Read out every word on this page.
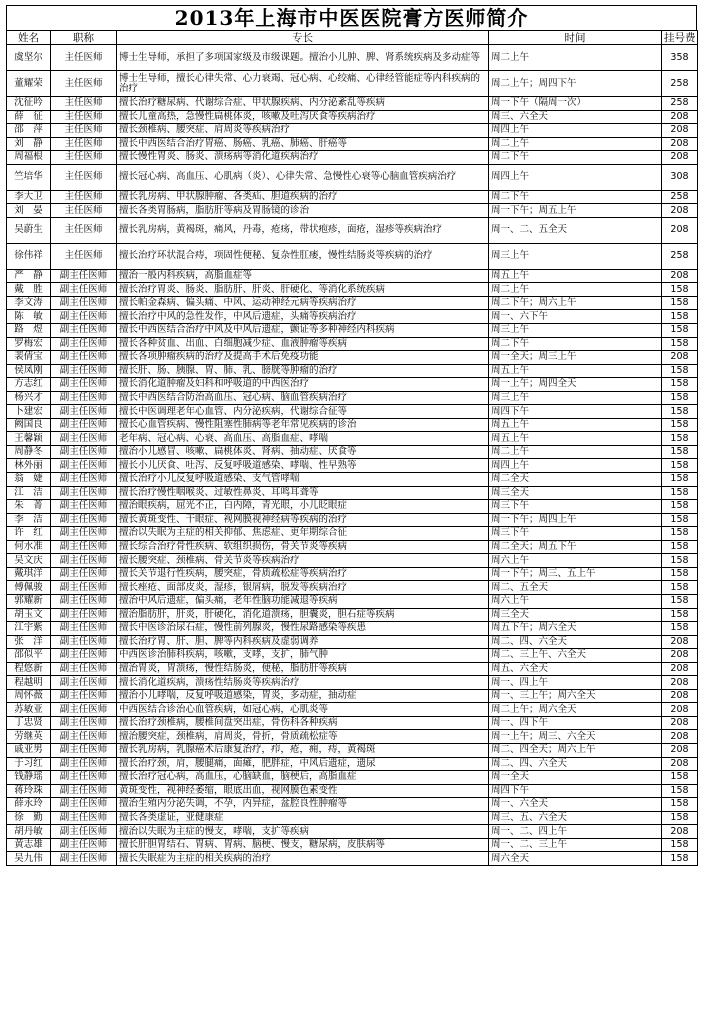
2013年上海市中医医院膏方医师简介
姓名	职称	专长	时间	挂号费
虞坚尔	主任医师	博士生导师，承担了多项国家级及市级课题。擅治小儿肿、脾、肾系统疾病及多动症等	周二上午	358
董耀荣	主任医师	博士生导师，擅长心律失常、心力衰竭、冠心病、心绞痛、心律经管能症等内科疾病的治疗	周二上午；周四下午	258
沈征吟	主任医师	擅长治疗糖尿病、代谢综合症、甲状腺疾病、内分泌紊乱等疾病	周一下午（隔周一次）	258
薛　征	主任医师	擅长儿童高热，急慢性扁桃体炎，咳嗽及吐泻厌食等疾病治疗	周三、六全天	208
邵　萍	主任医师	擅长颈椎病、腰突症、肩周炎等疾病治疗	周四上午	208
刘　静	主任医师	擅长中西医结合治疗胃癌、肠癌、乳癌、肺癌、肝癌等	周二上午	208
周福根	主任医师	擅长慢性胃炎、肠炎、溃疡病等消化道疾病治疗	周二下午	208
竺培华	主任医师	擅长冠心病、高血压、心肌病（炎）、心律失常、急慢性心衰等心脑血管疾病治疗	周四上午	308
李大卫	主任医师	擅长乳房病、甲状腺肿瘤、各类疝、胆道疾病的治疗	周二下午	258
刘　晏	主任医师	擅长各类胃肠病，脂肪肝等病及胃肠镜的诊治	周一下午；周五上午	208
吴蔚生	主任医师	擅长乳房病，黄褐斑，痛风，丹毒，疮疡，带状疱疹，面疮，湿疹等疾病治疗	周一、二、五全天	208
徐伟祥	主任医师	擅长治疗环状混合痔，项固性便秘、复杂性肛瘘，慢性结肠炎等疾病的治疗	周三上午	258
严　静	副主任医师	擅治一般内科疾病，高脂血症等	周五上午	208
戴　胜	副主任医师	擅长治疗胃炎、肠炎、脂肪肝、肝炎、肝硬化、等消化系统疾病	周二上午	158
李文涛	副主任医师	擅长帕金森病、偏头痛、中风、运动神经元病等疾病治疗	周二下午；周六上午	158
陈　敏	副主任医师	擅长治疗中风的急性发作，中风后遗症，头痛等疾病治疗	周一、六下午	158
路　煜	副主任医师	擅长中西医结合治疗中风及中风后遗症，颤证等多种神经内科疾病	周三上午	158
罗梅宏	副主任医师	擅长各种贫血、出血、白细胞减少症、血液肿瘤等疾病	周二下午	158
裴倩宝	副主任医师	擅长各项肿瘤疾病的治疗及提高手术后免疫功能	周一全天；周三上午	208
侯凤刚	副主任医师	擅长肝、肠、胰腺、胃、肺、乳、膀胱等肿瘤的治疗	周五上午	158
方志红	副主任医师	擅长消化道肿瘤及妇科和呼吸道的中西医治疗	周一上午；周四全天	158
杨兴才	副主任医师	擅长中西医结合防治高血压、冠心病、脑血管疾病治疗	周三上午	158
卜建宏	副主任医师	擅长中医调理老年心血管、内分泌疾病，代谢综合征等	周四下午	158
阙国良	副主任医师	擅长心血管疾病、慢性阻塞性肺病等老年常见疾病的诊治	周五上午	158
王馨颖	副主任医师	老年病、冠心病、心衰、高血压、高脂血症、哮喘	周五上午	158
周静冬	副主任医师	擅治小儿感冒、咳嗽、扁桃体炎、肾病、抽动症、厌食等	周二上午	158
林外丽	副主任医师	擅长小儿厌食、吐泻、反复呼吸道感染、哮喘、性早熟等	周四上午	158
翁　婕	副主任医师	擅长治疗小儿反复呼吸道感染、支气管哮喘	周二全天	158
江　洁	副主任医师	擅长治疗慢性咽喉炎、过敏性鼻炎、耳鸣耳聋等	周三全天	158
朱　菁	副主任医师	擅治眼疾病，屈光不正，白内障，青光眼，小儿眨眼症	周三下午	158
李　洁	副主任医师	擅长黄斑变性、干眼症、视网膜视神经病等疾病的治疗	周一下午；周四上午	158
许　红	副主任医师	擅治以失眠为主症的相关抑郁、焦虑症、更年期综合征	周三下午	158
何水准	副主任医师	擅长综合治疗骨性疾病、软组织损伤，骨关节炎等疾病	周二全天；周五下午	158
吴文庆	副主任医师	擅长腰突症、颈椎病、骨关节炎等疾病治疗	周六上午	158
戴琪洋	副主任医师	擅长关节退行性疾病，腰突症，骨质疏松症等疾病治疗	周一下午；周三、五上午	158
傅佩骏	副主任医师	擅长痤疮、面部皮炎，湿疹，银屑病，脱发等疾病治疗	周二、五全天	158
郭耀新	副主任医师	擅治中风后遗症，偏头痛，老年性脑功能减退等疾病	周六上午	158
胡玉文	副主任医师	擅治脂肪肝，肝炎，肝硬化，消化道溃疡，胆囊炎，胆石症等疾病	周三全天	158
江宇紫	副主任医师	擅长中医诊治尿石症，慢性前列腺炎，慢性尿路感染等疾患	周五下午；周六全天	158
张　洋	副主任医师	擅长治疗胃、肝、胆、脾等内科疾病及虚弱调养	周二、四、六全天	208
邵似平	副主任医师	中西医诊治肺科疾病，咳嗽，支哮，支扩，肺气肿	周二、三上午、六全天	208
程悠新	副主任医师	擅治胃炎，胃溃疡，慢性结肠炎，便秘，脂肪肝等疾病	周五、六全天	208
程越明	副主任医师	擅长消化道疾病，溃疡性结肠炎等疾病治疗	周一、四上午	208
周怀薇	副主任医师	擅治小儿哮喘，反复呼吸道感染，胃炎，多动症，抽动症	周一、三上午；周六全天	208
苏敏亚	副主任医师	中西医结合诊治心血管疾病，如冠心病，心肌炎等	周二上午；周六全天	208
丁忠贤	副主任医师	擅长治疗颈椎病，腰椎间盘突出症，骨伤科各种疾病	周一、四下午	208
劳继英	副主任医师	擅治腰突症，颈椎病，肩周炎，骨折，骨质疏松症等	周一上午；周三、六全天	208
戚亚男	副主任医师	擅长乳房病，乳腺癌术后康复治疗，疖，疮，痈，痔，黄褐斑	周二、四全天；周六上午	208
于习红	副主任医师	擅长治疗颈，肩，腰腿痛，面瘫，肥胖症，中风后遗症，遗尿	周二、四、六全天	208
钱静瑶	副主任医师	擅长治疗冠心病，高血压，心脑缺血，脑梗后，高脂血症	周一全天	158
蒋玲珠	副主任医师	黄斑变性，视神经萎缩，眼底出血，视网膜色素变性	周四下午	158
薛永玲	副主任医师	擅治生殖内分泌失调，不孕，内异症，盆腔良性肿瘤等	周一、六全天	158
徐　勤	副主任医师	擅长各类虚证，亚健康症	周三、五、六全天	158
胡丹敏	副主任医师	擅治以失眠为主症的慢支，哮喘，支扩等疾病	周一、二、四上午	208
黄志雄	副主任医师	擅长肝胆胃结石、胃病、胃病、脑梗、慢支，糖尿病，皮肤病等	周一、二、三上午	158
吴九伟	副主任医师	擅长失眠症为主症的相关疾病的治疗	周六全天	158
